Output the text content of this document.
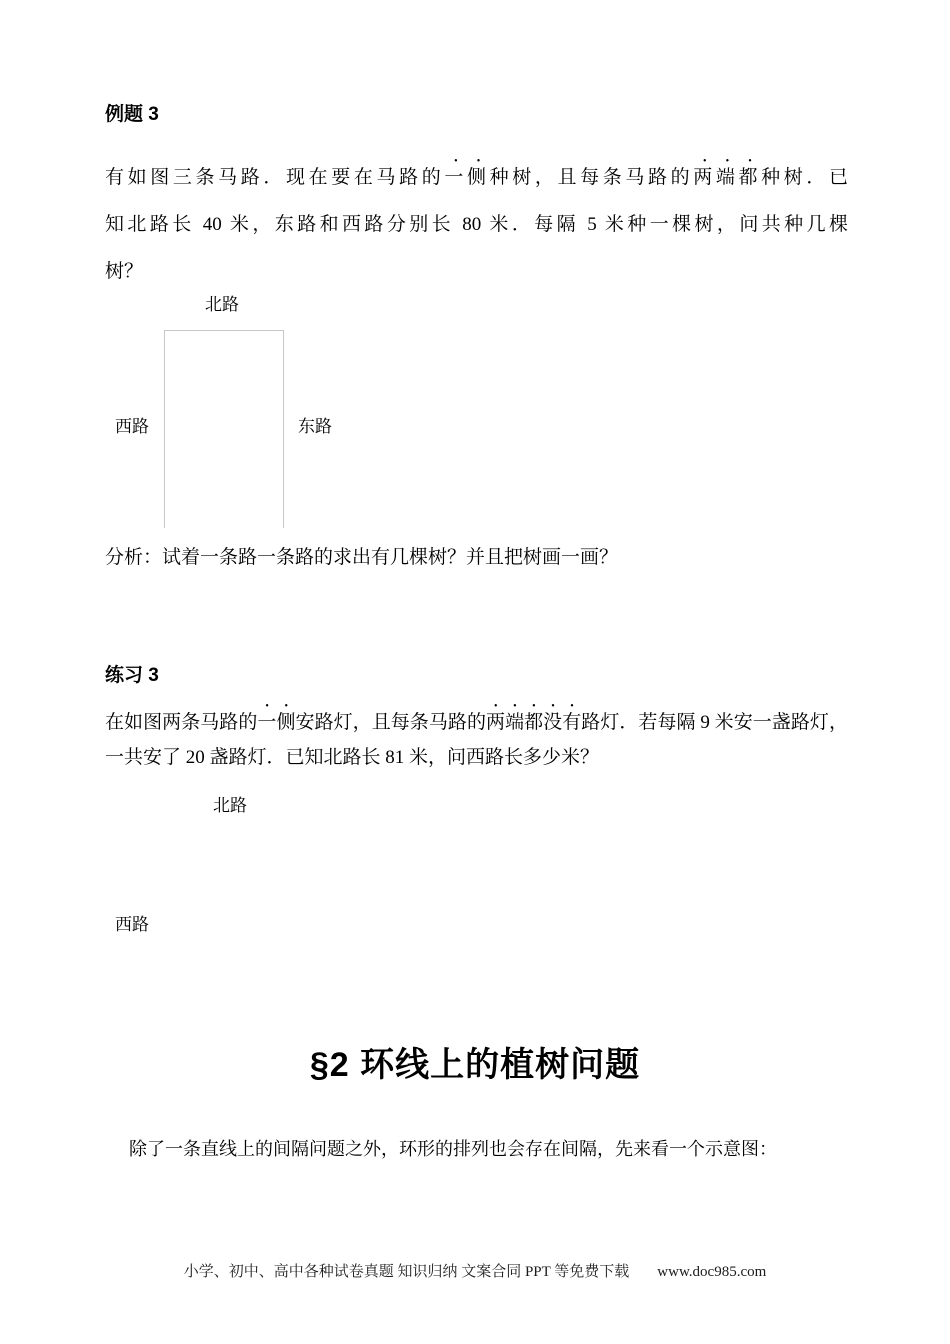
例题 3
有如图三条马路．现在要在马路的一侧种树，且每条马路的两端都种树．已
知北路长 40 米，东路和西路分别长 80 米．每隔 5 米种一棵树，问共种几棵
树？
北路
西路	东路
分析：试着一条路一条路的求出有几棵树？并且把树画一画？
练习 3
在如图两条马路的一侧安路灯，且每条马路的两端都没有路灯．若每隔 9 米安一盏路灯，
一共安了 20 盏路灯．已知北路长 81 米，问西路长多少米？
北路
西路
§2 环线上的植树问题
除了一条直线上的间隔问题之外，环形的排列也会存在间隔，先来看一个示意图：
小学、初中、高中各种试卷真题 知识归纳 文案合同 PPT 等免费下载 www.doc985.com
